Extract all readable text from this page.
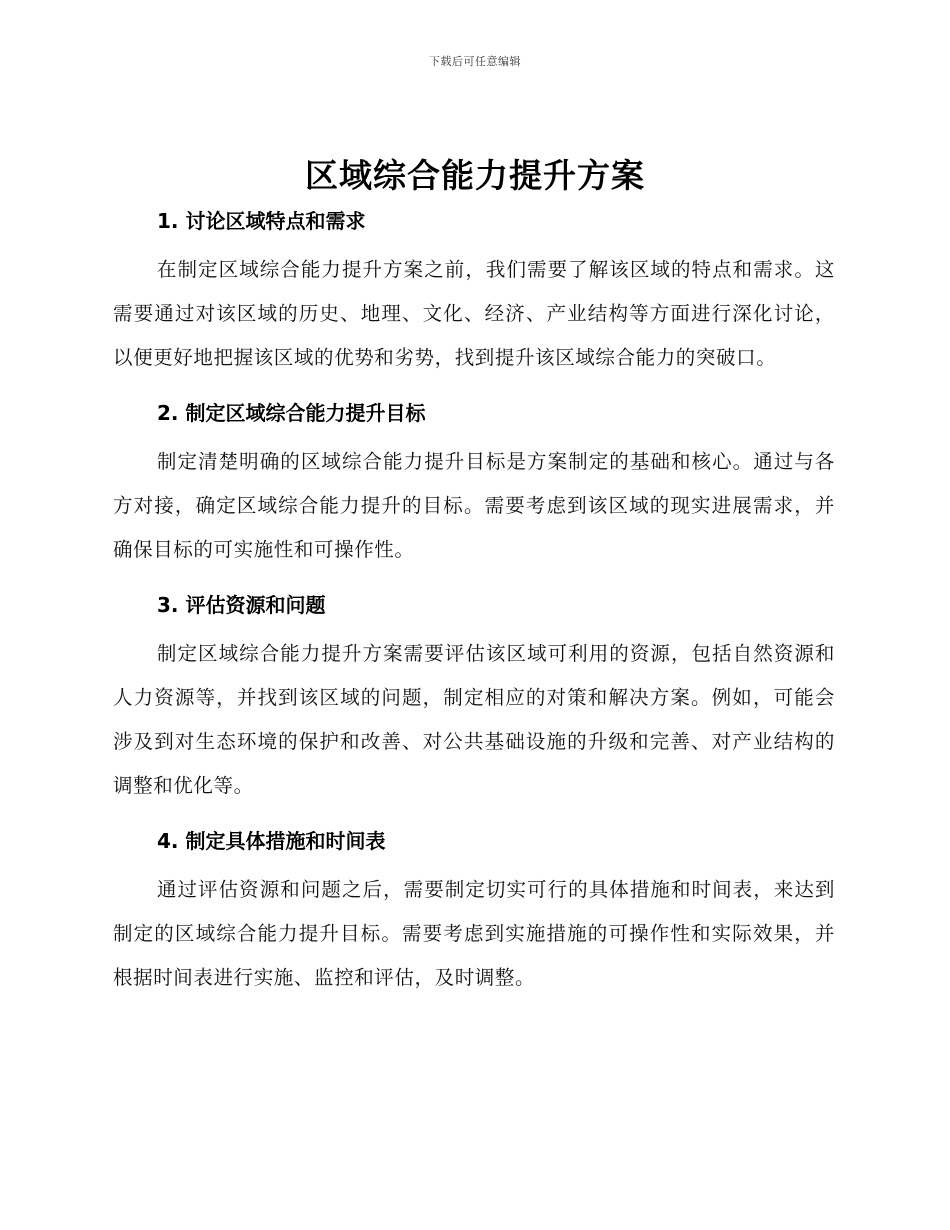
下载后可任意编辑
区域综合能力提升方案
1. 讨论区域特点和需求

在制定区域综合能力提升方案之前，我们需要了解该区域的特点和需求。这需要通过对该区域的历史、地理、文化、经济、产业结构等方面进行深化讨论，以便更好地把握该区域的优势和劣势，找到提升该区域综合能力的突破口。

2. 制定区域综合能力提升目标

制定清楚明确的区域综合能力提升目标是方案制定的基础和核心。通过与各方对接，确定区域综合能力提升的目标。需要考虑到该区域的现实进展需求，并确保目标的可实施性和可操作性。

3. 评估资源和问题

制定区域综合能力提升方案需要评估该区域可利用的资源，包括自然资源和人力资源等，并找到该区域的问题，制定相应的对策和解决方案。例如，可能会涉及到对生态环境的保护和改善、对公共基础设施的升级和完善、对产业结构的调整和优化等。

4. 制定具体措施和时间表

通过评估资源和问题之后，需要制定切实可行的具体措施和时间表，来达到制定的区域综合能力提升目标。需要考虑到实施措施的可操作性和实际效果，并根据时间表进行实施、监控和评估，及时调整。
